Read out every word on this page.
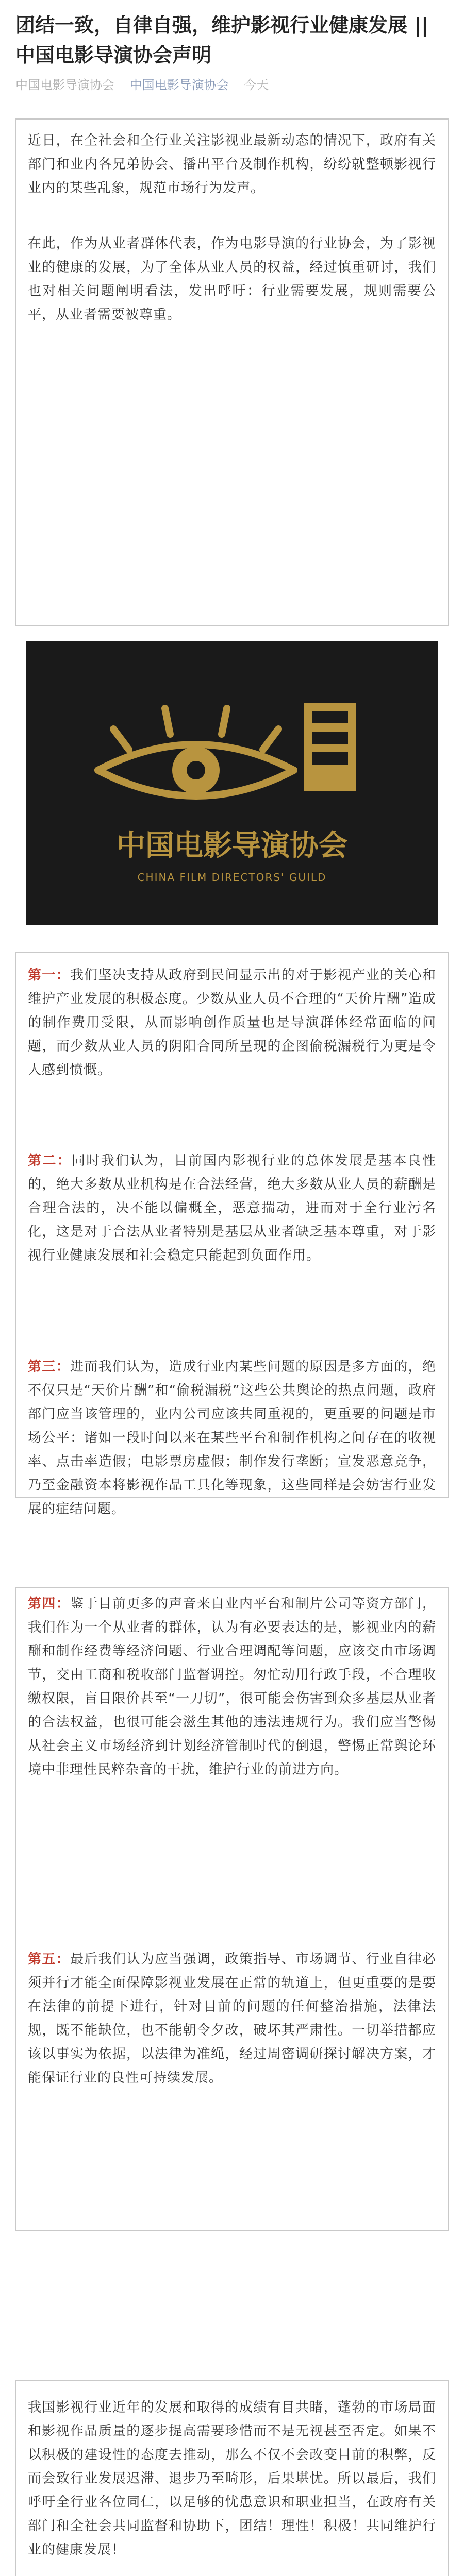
团结一致，自律自强，维护影视行业健康发展 || 中国电影导演协会声明
中国电影导演协会 中国电影导演协会 今天

近日，在全社会和全行业关注影视业最新动态的情况下，政府有关部门和业内各兄弟协会、播出平台及制作机构，纷纷就整顿影视行业内的某些乱象，规范市场行为发声。

在此，作为从业者群体代表，作为电影导演的行业协会，为了影视业的健康的发展，为了全体从业人员的权益，经过慎重研讨，我们也对相关问题阐明看法，发出呼吁：行业需要发展，规则需要公平，从业者需要被尊重。

中国电影导演协会
CHINA FILM DIRECTORS' GUILD

第一：我们坚决支持从政府到民间显示出的对于影视产业的关心和维护产业发展的积极态度。少数从业人员不合理的“天价片酬”造成的制作费用受限，从而影响创作质量也是导演群体经常面临的问题，而少数从业人员的阴阳合同所呈现的企图偷税漏税行为更是令人感到愤慨。

第二：同时我们认为，目前国内影视行业的总体发展是基本良性的，绝大多数从业机构是在合法经营，绝大多数从业人员的薪酬是合理合法的，决不能以偏概全，恶意揣动，进而对于全行业污名化，这是对于合法从业者特别是基层从业者缺乏基本尊重，对于影视行业健康发展和社会稳定只能起到负面作用。

第三：进而我们认为，造成行业内某些问题的原因是多方面的，绝不仅只是“天价片酬”和“偷税漏税”这些公共舆论的热点问题，政府部门应当该管理的，业内公司应该共同重视的，更重要的问题是市场公平：诸如一段时间以来在某些平台和制作机构之间存在的收视率、点击率造假；电影票房虚假；制作发行垄断；宣发恶意竞争，乃至金融资本将影视作品工具化等现象，这些同样是会妨害行业发展的症结问题。

第四：鉴于目前更多的声音来自业内平台和制片公司等资方部门，我们作为一个从业者的群体，认为有必要表达的是，影视业内的薪酬和制作经费等经济问题、行业合理调配等问题，应该交由市场调节，交由工商和税收部门监督调控。匆忙动用行政手段，不合理收缴权限，盲目限价甚至“一刀切”，很可能会伤害到众多基层从业者的合法权益，也很可能会滋生其他的违法违规行为。我们应当警惕从社会主义市场经济到计划经济管制时代的倒退，警惕正常舆论环境中非理性民粹杂音的干扰，维护行业的前进方向。

第五：最后我们认为应当强调，政策指导、市场调节、行业自律必须并行才能全面保障影视业发展在正常的轨道上，但更重要的是要在法律的前提下进行，针对目前的问题的任何整治措施，法律法规，既不能缺位，也不能朝令夕改，破坏其严肃性。一切举措都应该以事实为依据，以法律为准绳，经过周密调研探讨解决方案，才能保证行业的良性可持续发展。

我国影视行业近年的发展和取得的成绩有目共睹，蓬勃的市场局面和影视作品质量的逐步提高需要珍惜而不是无视甚至否定。如果不以积极的建设性的态度去推动，那么不仅不会改变目前的积弊，反而会致行业发展迟滞、退步乃至畸形，后果堪忧。所以最后，我们呼吁全行业各位同仁，以足够的忧患意识和职业担当，在政府有关部门和全社会共同监督和协助下，团结！理性！积极！共同维护行业的健康发展！
